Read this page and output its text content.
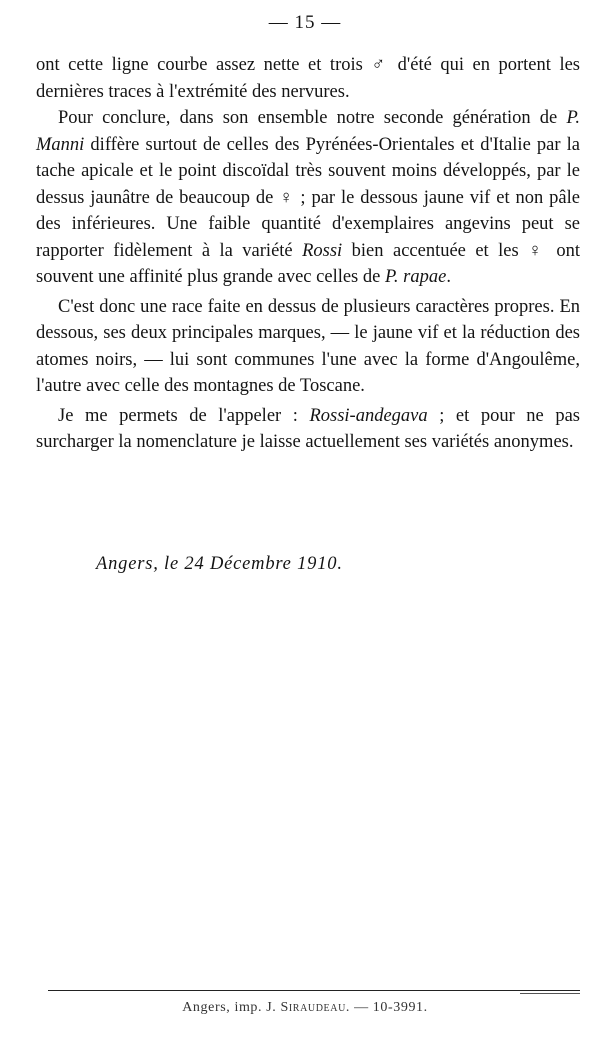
— 15 —

ont cette ligne courbe assez nette et trois ♂ d'été qui en portent les dernières traces à l'extrémité des nervures.

Pour conclure, dans son ensemble notre seconde génération de P. Manni diffère surtout de celles des Pyrénées-Orientales et d'Italie par la tache apicale et le point discoïdal très souvent moins développés, par le dessus jaunâtre de beaucoup de ♀ ; par le dessous jaune vif et non pâle des inférieures. Une faible quantité d'exemplaires angevins peut se rapporter fidèlement à la variété Rossi bien accentuée et les ♀ ont souvent une affinité plus grande avec celles de P. rapae.

C'est donc une race faite en dessus de plusieurs caractères propres. En dessous, ses deux principales marques, — le jaune vif et la réduction des atomes noirs, — lui sont communes l'une avec la forme d'Angoulême, l'autre avec celle des montagnes de Toscane.

Je me permets de l'appeler : Rossi-andegava ; et pour ne pas surcharger la nomenclature je laisse actuellement ses variétés anonymes.

Angers, le 24 Décembre 1910.
Angers, imp. J. Siraudeau. — 10-3991.
